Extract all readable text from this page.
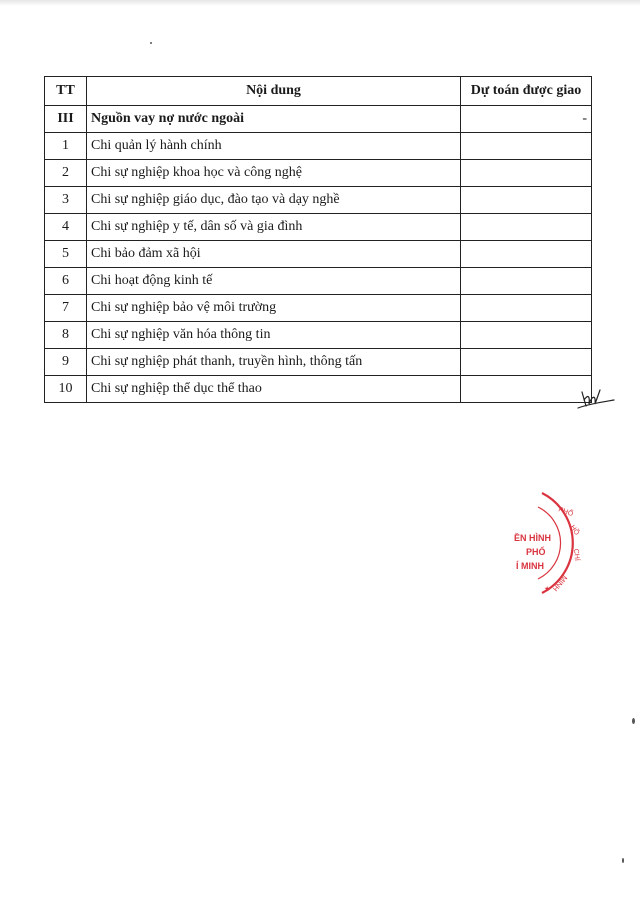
TT	Nội dung	Dự toán được giao
III	Nguồn vay nợ nước ngoài	-
1	Chi quản lý hành chính	
2	Chi sự nghiệp khoa học và công nghệ	
3	Chi sự nghiệp giáo dục, đào tạo và dạy nghề	
4	Chi sự nghiệp y tế, dân số và gia đình	
5	Chi bảo đảm xã hội	
6	Chi hoạt động kinh tế	
7	Chi sự nghiệp bảo vệ môi trường	
8	Chi sự nghiệp văn hóa thông tin	
9	Chi sự nghiệp phát thanh, truyền hình, thông tấn	
10	Chi sự nghiệp thể dục thể thao	
PHỐ
HỒ
CHÍ
MINH
ỀN HÌNH
PHỐ
Í MINH
★
